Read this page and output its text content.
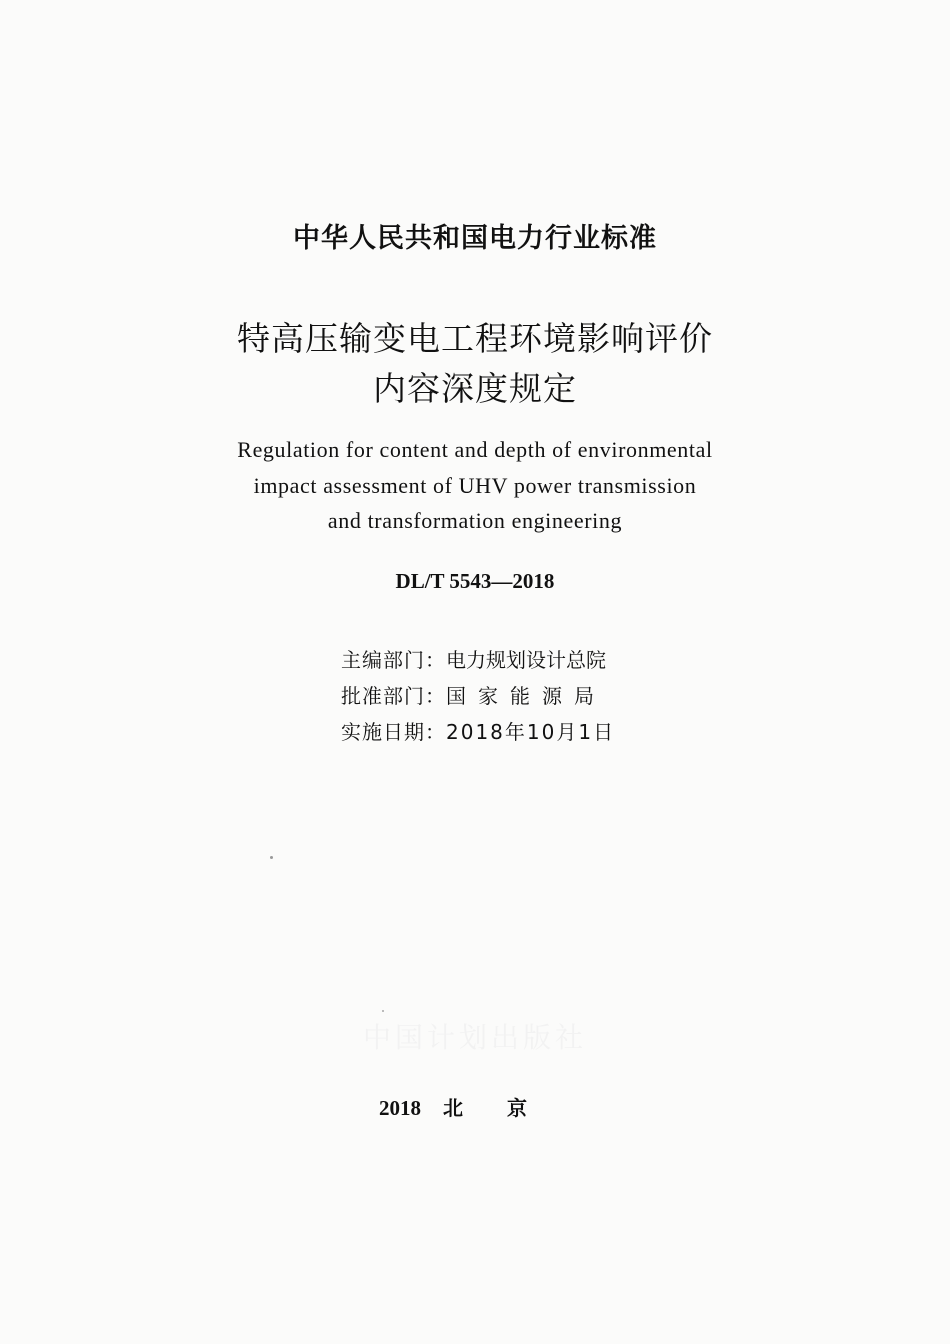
中华人民共和国电力行业标准
特高压输变电工程环境影响评价
内容深度规定
Regulation for content and depth of environmental
impact assessment of UHV power transmission
and transformation engineering
DL/T 5543—2018
主编部门：电力规划设计总院
批准部门：国家能源局
实施日期：2018年10月1日
中国计划出版社
2018 北京
